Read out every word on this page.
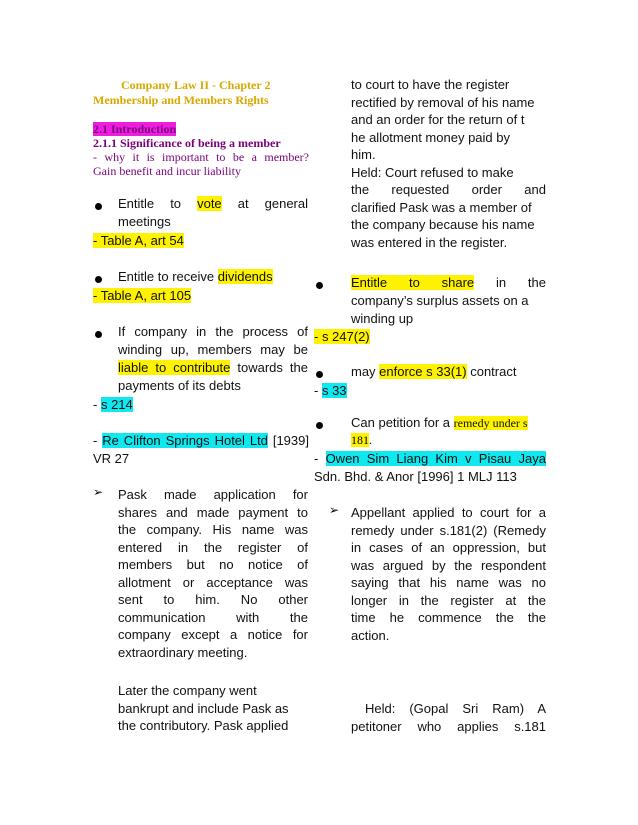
Company Law II - Chapter 2
Membership and Members Rights
2.1 Introduction
2.1.1 Significance of being a member
- why it is important to be a member?
Gain benefit and incur liability
Entitle to vote at general
meetings
- Table A, art 54
Entitle to receive dividends
- Table A, art 105
If company in the process of
winding up, members may be
liable to contribute towards the
payments of its debts
- s 214
- Re Clifton Springs Hotel Ltd [1939]
VR 27
➢ Pask made application for
shares and made payment to
the company. His name was
entered in the register of
members but no notice of
allotment or acceptance was
sent to him. No other
communication with the
company except a notice for
extraordinary meeting.
Later the company went
bankrupt and include Pask as
the contributory. Pask applied
to court to have the register
rectified by removal of his name
and an order for the return of t
he allotment money paid by
him.
Held: Court refused to make
the requested order and
clarified Pask was a member of
the company because his name
was entered in the register.
Entitle to share in the
company’s surplus assets on a
winding up
- s 247(2)
may enforce s 33(1) contract
- s 33
Can petition for a remedy under s
181.
- Owen Sim Liang Kim v Pisau Jaya
Sdn. Bhd. & Anor [1996] 1 MLJ 113
➢ Appellant applied to court for a
remedy under s.181(2) (Remedy
in cases of an oppression, but
was argued by the respondent
saying that his name was no
longer in the register at the
time he commence the the
action.
Held: (Gopal Sri Ram) A
petitoner who applies s.181
